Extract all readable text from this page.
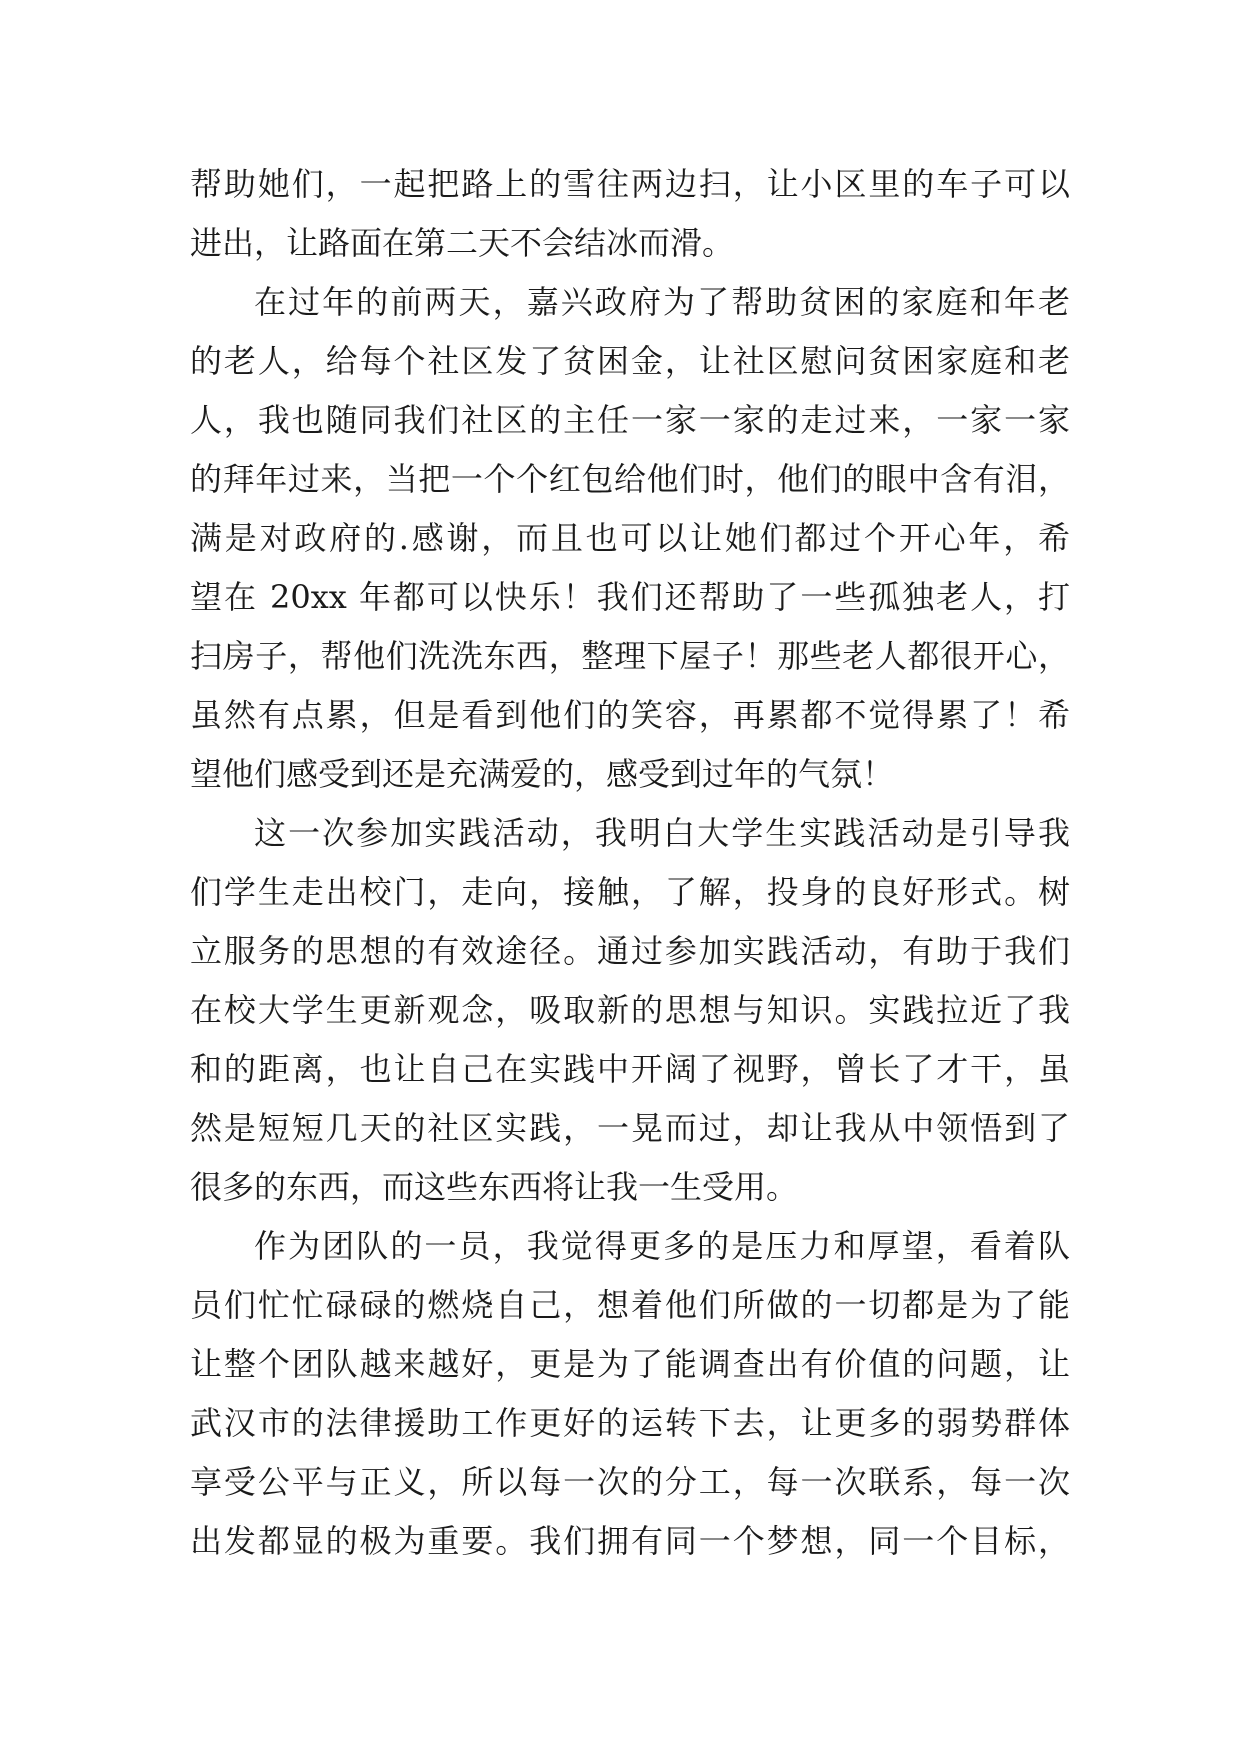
帮助她们，一起把路上的雪往两边扫，让小区里的车子可以
进出，让路面在第二天不会结冰而滑。
在过年的前两天，嘉兴政府为了帮助贫困的家庭和年老
的老人，给每个社区发了贫困金，让社区慰问贫困家庭和老
人，我也随同我们社区的主任一家一家的走过来，一家一家
的拜年过来，当把一个个红包给他们时，他们的眼中含有泪，
满是对政府的.感谢，而且也可以让她们都过个开心年，希
望在 20xx 年都可以快乐！我们还帮助了一些孤独老人，打
扫房子，帮他们洗洗东西，整理下屋子！那些老人都很开心，
虽然有点累，但是看到他们的笑容，再累都不觉得累了！希
望他们感受到还是充满爱的，感受到过年的气氛！
这一次参加实践活动，我明白大学生实践活动是引导我
们学生走出校门，走向，接触，了解，投身的良好形式。树
立服务的思想的有效途径。通过参加实践活动，有助于我们
在校大学生更新观念，吸取新的思想与知识。实践拉近了我
和的距离，也让自己在实践中开阔了视野，曾长了才干，虽
然是短短几天的社区实践，一晃而过，却让我从中领悟到了
很多的东西，而这些东西将让我一生受用。
作为团队的一员，我觉得更多的是压力和厚望，看着队
员们忙忙碌碌的燃烧自己，想着他们所做的一切都是为了能
让整个团队越来越好，更是为了能调查出有价值的问题，让
武汉市的法律援助工作更好的运转下去，让更多的弱势群体
享受公平与正义，所以每一次的分工，每一次联系，每一次
出发都显的极为重要。我们拥有同一个梦想，同一个目标，
